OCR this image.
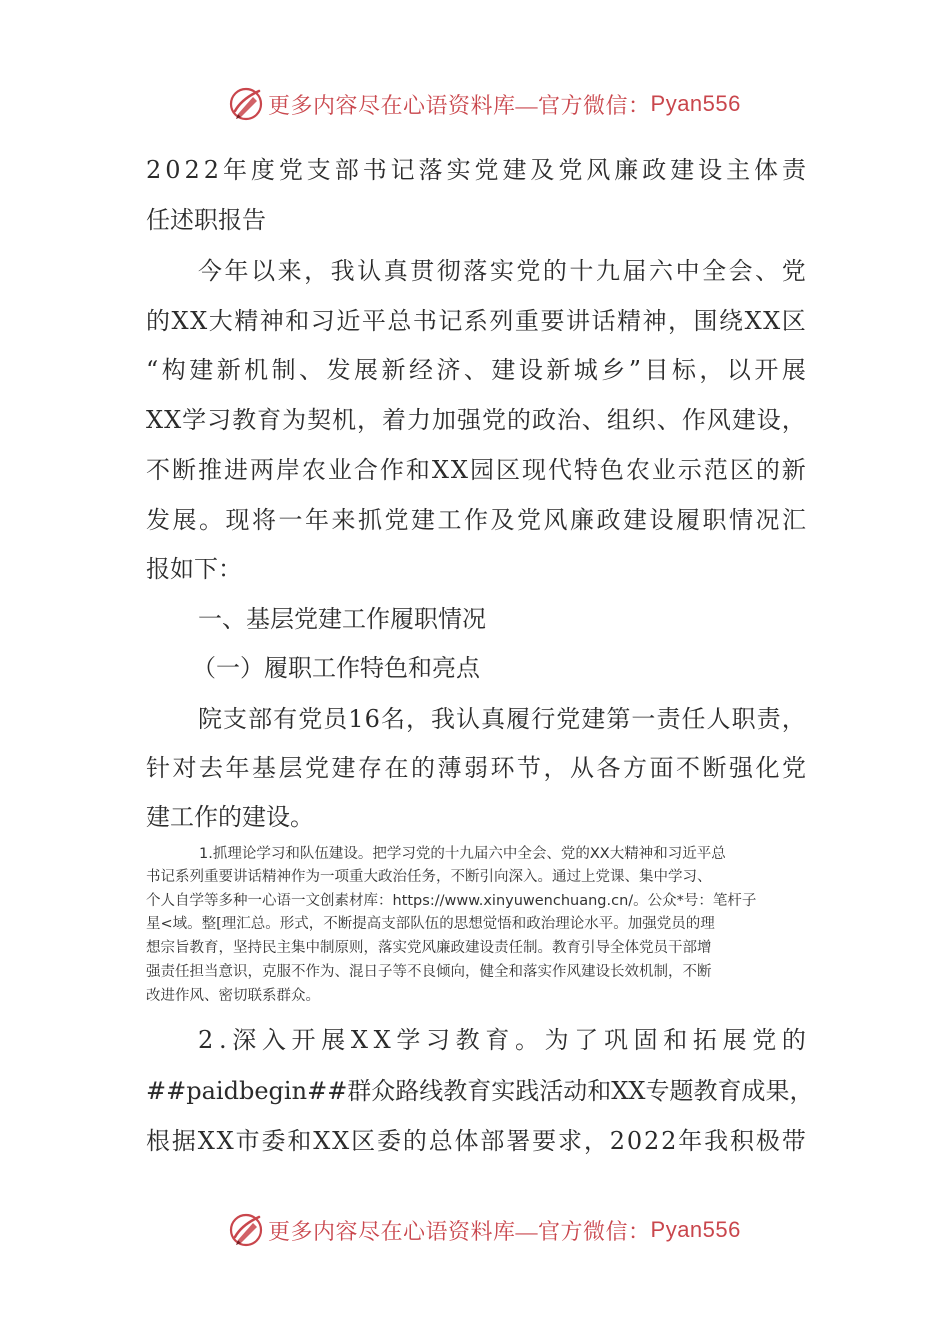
更多内容尽在心语资料库—官方微信： Pyan556
2 0 2 2 年 度 党 支 部 书 记 落 实 党 建 及 党 风 廉 政 建 设 主 体 责
任述职报告
今 年 以 来 ， 我 认 真 贯 彻 落 实 党 的 十 九 届 六 中 全 会 、 党
的 X X 大 精 神 和 习 近 平 总 书 记 系 列 重 要 讲 话 精 神 ， 围 绕 X X 区
“ 构 建 新 机 制 、 发 展 新 经 济 、 建 设 新 城 乡 ” 目 标 ， 以 开 展
X X 学 习 教 育 为 契 机 ， 着 力 加 强 党 的 政 治 、 组 织 、 作 风 建 设 ，
不 断 推 进 两 岸 农 业 合 作 和 X X 园 区 现 代 特 色 农 业 示 范 区 的 新
发 展 。 现 将 一 年 来 抓 党 建 工 作 及 党 风 廉 政 建 设 履 职 情 况 汇
报如下：
一、基层党建工作履职情况
（一）履职工作特色和亮点
院 支 部 有 党 员 1 6 名 ， 我 认 真 履 行 党 建 第 一 责 任 人 职 责 ，
针 对 去 年 基 层 党 建 存 在 的 薄 弱 环 节 ， 从 各 方 面 不 断 强 化 党
建工作的建设。
1.抓理论学习和队伍建设。把学习党的十九届六中全会、党的XX大精神和习近平总
书记系列重要讲话精神作为一项重大政治任务，不断引向深入。通过上党课、集中学习、
个人自学等多种一心语一文创素材库：https://www.xinyuwenchuang.cn/。公众*号：笔杆子
星<域。整[理汇总。形式，不断提高支部队伍的思想觉悟和政治理论水平。加强党员的理
想宗旨教育，坚持民主集中制原则，落实党风廉政建设责任制。教育引导全体党员干部增
强责任担当意识，克服不作为、混日子等不良倾向，健全和落实作风建设长效机制，不断
改进作风、密切联系群众。
2 . 深 入 开 展 X X 学 习 教 育 。 为 了 巩 固 和 拓 展 党 的
# # p a i d b e g i n # # 群 众 路 线 教 育 实 践 活 动 和 X X 专 题 教 育 成 果 ，
根 据 X X 市 委 和 X X 区 委 的 总 体 部 署 要 求 ， 2 0 2 2 年 我 积 极 带
更多内容尽在心语资料库—官方微信： Pyan556
